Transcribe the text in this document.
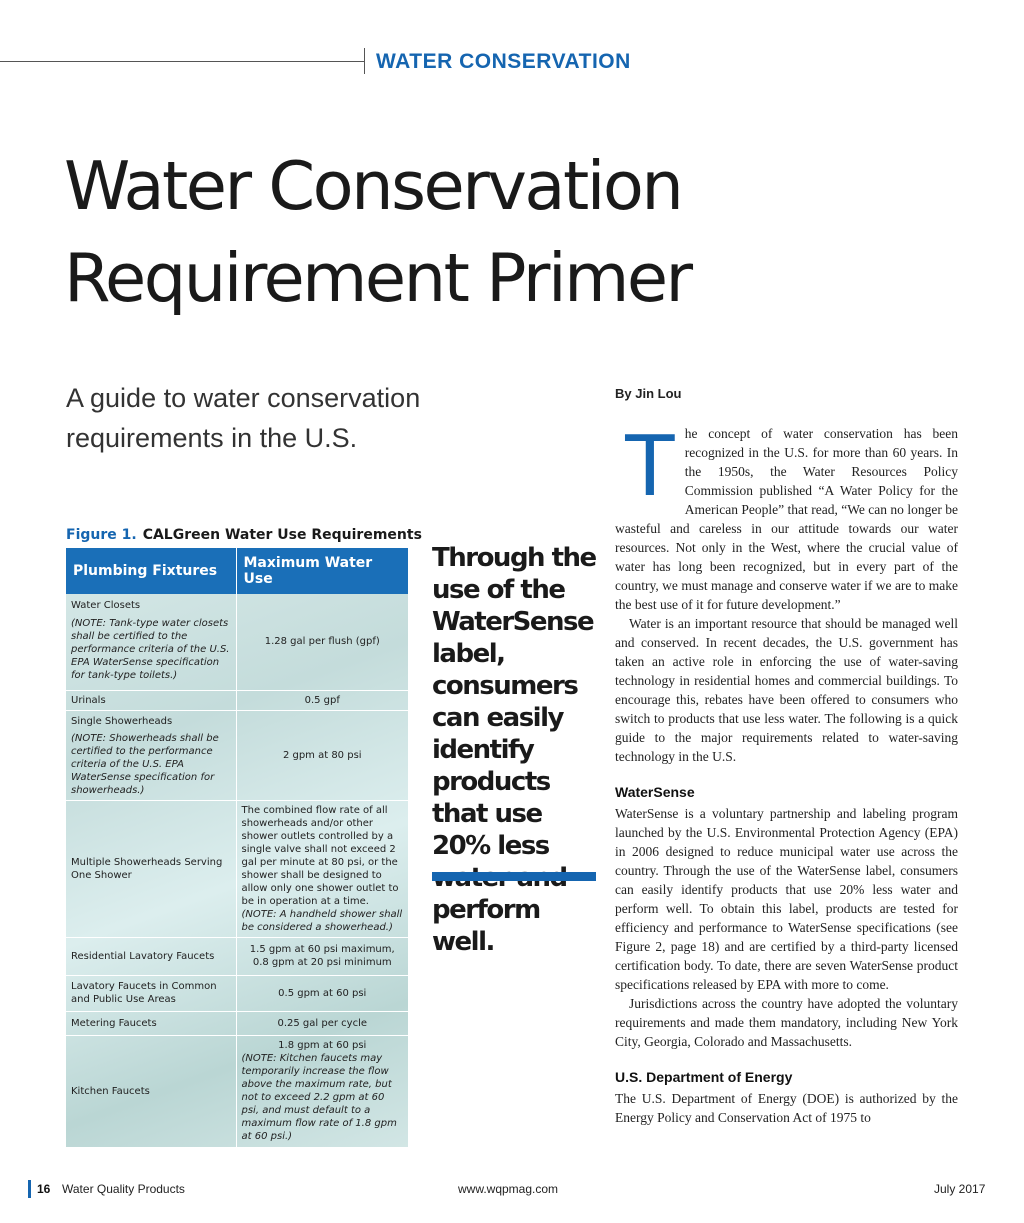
WATER CONSERVATION
Water Conservation
Requirement Primer
A guide to water conservation requirements in the U.S.
Figure 1. CALGreen Water Use Requirements
Plumbing Fixtures	Maximum Water Use

Water Closets
(NOTE: Tank-type water closets shall be certified to the performance criteria of the U.S. EPA WaterSense specification for tank-type toilets.)	1.28 gal per flush (gpf)

Urinals	0.5 gpf

Single Showerheads
(NOTE: Showerheads shall be certified to the performance criteria of the U.S. EPA WaterSense specification for showerheads.)	2 gpm at 80 psi

Multiple Showerheads Serving One Shower	The combined flow rate of all showerheads and/or other shower outlets controlled by a single valve shall not exceed 2 gal per minute at 80 psi, or the shower shall be designed to allow only one shower outlet to be in operation at a time.
(NOTE: A handheld shower shall be considered a showerhead.)

Residential Lavatory Faucets	1.5 gpm at 60 psi maximum, 0.8 gpm at 20 psi minimum

Lavatory Faucets in Common and Public Use Areas	0.5 gpm at 60 psi

Metering Faucets	0.25 gal per cycle

Kitchen Faucets	1.8 gpm at 60 psi
(NOTE: Kitchen faucets may temporarily increase the flow above the maximum rate, but not to exceed 2.2 gpm at 60 psi, and must default to a maximum flow rate of 1.8 gpm at 60 psi.)
Through the use of the WaterSense label, consumers can easily identify products that use 20% less perform well.
By Jin Lou

The concept of water conservation has been recognized in the U.S. for more than 60 years. In the 1950s, the Water Resources Policy Commission published “A Water Policy for the American People” that read, “We can no longer be wasteful and careless in our attitude towards our water resources. Not only in the West, where the crucial value of water has long been recognized, but in every part of the country, we must manage and conserve water if we are to make the best use of it for future development.”

Water is an important resource that should be managed well and conserved. In recent decades, the U.S. government has taken an active role in enforcing the use of water-saving technology in residential homes and commercial buildings. To encourage this, rebates have been offered to consumers who switch to products that use less water. The following is a quick guide to the major requirements related to water-saving technology in the U.S.

WaterSense

WaterSense is a voluntary partnership and labeling program launched by the U.S. Environmental Protection Agency (EPA) in 2006 designed to reduce municipal water use across the country. Through the use of the WaterSense label, consumers can easily identify products that use 20% less water and perform well. To obtain this label, products are tested for efficiency and performance to WaterSense specifications (see Figure 2, page 18) and are certified by a third-party licensed certification body. To date, there are seven WaterSense product specifications released by EPA with more to come.

Jurisdictions across the country have adopted the voluntary requirements and made them mandatory, including New York City, Georgia, Colorado and Massachusetts.

U.S. Department of Energy

The U.S. Department of Energy (DOE) is authorized by the Energy Policy and Conservation Act of 1975 to

16 Water Quality Products	www.wqpmag.com	July 2017
